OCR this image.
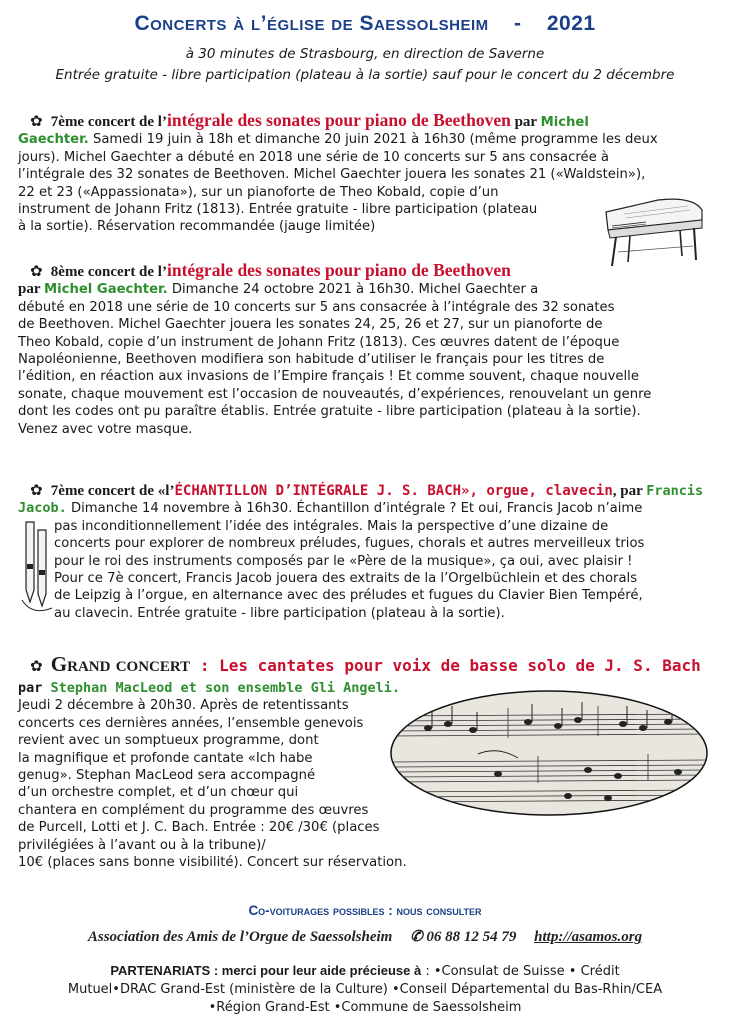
Concerts à l’église de Saessolsheim - 2021
à 30 minutes de Strasbourg, en direction de Saverne
Entrée gratuite - libre participation (plateau à la sortie) sauf pour le concert du 2 décembre
✿ 7ème concert de l’intégrale des sonates pour piano de Beethoven par Michel
Gaechter. Samedi 19 juin à 18h et dimanche 20 juin 2021 à 16h30 (même programme les deux
jours). Michel Gaechter a débuté en 2018 une série de 10 concerts sur 5 ans consacrée à
l’intégrale des 32 sonates de Beethoven. Michel Gaechter jouera les sonates 21 («Waldstein»),
22 et 23 («Appassionata»), sur un pianoforte de Theo Kobald, copie d’un
instrument de Johann Fritz (1813). Entrée gratuite - libre participation (plateau
à la sortie). Réservation recommandée (jauge limitée)
✿ 8ème concert de l’intégrale des sonates pour piano de Beethoven
par Michel Gaechter. Dimanche 24 octobre 2021 à 16h30. Michel Gaechter a
débuté en 2018 une série de 10 concerts sur 5 ans consacrée à l’intégrale des 32 sonates
de Beethoven. Michel Gaechter jouera les sonates 24, 25, 26 et 27, sur un pianoforte de
Theo Kobald, copie d’un instrument de Johann Fritz (1813). Ces œuvres datent de l’époque
Napoléonienne, Beethoven modifiera son habitude d’utiliser le français pour les titres de
l’édition, en réaction aux invasions de l’Empire français ! Et comme souvent, chaque nouvelle
sonate, chaque mouvement est l’occasion de nouveautés, d’expériences, renouvelant un genre
dont les codes ont pu paraître établis. Entrée gratuite - libre participation (plateau à la sortie).
Venez avec votre masque.
✿ 7ème concert de «l’ÉCHANTILLON D’INTÉGRALE J. S. BACH», orgue, clavecin, par Francis
Jacob. Dimanche 14 novembre à 16h30. Échantillon d’intégrale ? Et oui, Francis Jacob n’aime
pas inconditionnellement l’idée des intégrales. Mais la perspective d’une dizaine de
concerts pour explorer de nombreux préludes, fugues, chorals et autres merveilleux trios
pour le roi des instruments composés par le «Père de la musique», ça oui, avec plaisir !
Pour ce 7è concert, Francis Jacob jouera des extraits de la l’Orgelbüchlein et des chorals
de Leipzig à l’orgue, en alternance avec des préludes et fugues du Clavier Bien Tempéré,
au clavecin. Entrée gratuite - libre participation (plateau à la sortie).
✿ Grand concert : Les cantates pour voix de basse solo de J. S. Bach
par Stephan MacLeod et son ensemble Gli Angeli.
Jeudi 2 décembre à 20h30. Après de retentissants
concerts ces dernières années, l’ensemble genevois
revient avec un somptueux programme, dont
la magnifique et profonde cantate «Ich habe
genug». Stephan MacLeod sera accompagné
d’un orchestre complet, et d’un chœur qui
chantera en complément du programme des œuvres
de Purcell, Lotti et J. C. Bach. Entrée : 20€ /30€ (places
privilégiées à l’avant ou à la tribune)/
10€ (places sans bonne visibilité). Concert sur réservation.
Co-voiturages possibles : nous consulter
Association des Amis de l’Orgue de Saessolsheim ✆ 06 88 12 54 79 http://asamos.org
PARTENARIATS : merci pour leur aide précieuse à : •Consulat de Suisse • Crédit
Mutuel•DRAC Grand-Est (ministère de la Culture) •Conseil Départemental du Bas-Rhin/CEA
•Région Grand-Est •Commune de Saessolsheim
